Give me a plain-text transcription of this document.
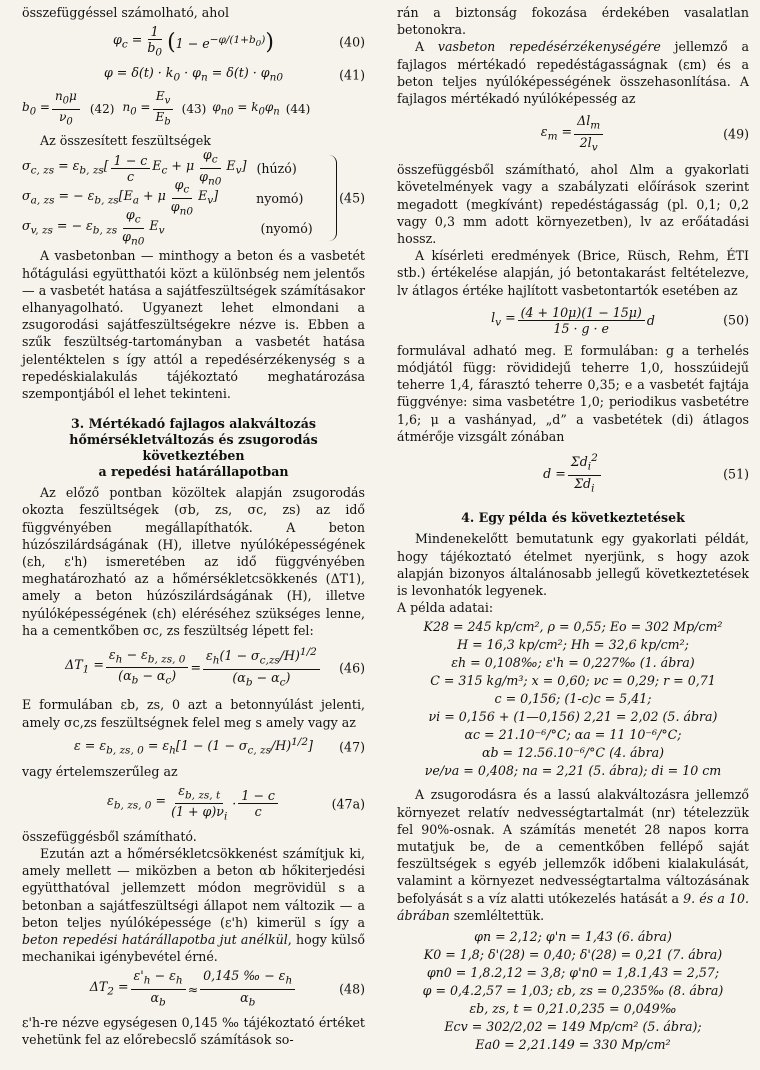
összefüggéssel számolható, ahol

$\varphi_c = \frac{1}{b_0}$ ( $1 - e^{-\varphi/(1+b_0)}$ )	(40)
$\varphi = \delta(t) \cdot k_0 \cdot \varphi_n = \delta(t) \cdot \varphi_{n0}$	(41)
$b_0 = \frac{n_0\mu}{\nu_0} (42) n_0 = \frac{E_v}{E_b} (43) \varphi_{n0} = k_0\varphi_n$ (44)

Az összesített feszültségek

$\sigma_{c, zs} = \varepsilon_{b, zs}[ \frac{1 - c}{c} E_c + \mu \frac{\varphi_c}{\varphi_{n0}} E_v]$ (húzó)
$\sigma_{a, zs}$ = − $\varepsilon_{b, zs}[E_a + \mu \frac{\varphi_c}{\varphi_{n0}} E_v]$	nyomó)
$\sigma_{v, zs}$ = − $\varepsilon_{b, zs} \frac{\varphi_c}{\varphi_{n0}} E_v$	(nyomó)
(45)

A vasbetonban — minthogy a beton és a vasbetét hőtágulási együtthatói közt a különbség nem jelentős — a vasbetét hatása a sajátfeszültségek számításakor elhanyagolható. Ugyanezt lehet elmondani a zsugorodási sajátfeszültségekre nézve is. Ebben a szűk feszültség-tartományban a vasbetét hatása jelentéktelen s így attól a repedésérzékenység s a repedéskialakulás tájékoztató meghatározása szempontjából el lehet tekinteni.

3. Mértékadó fajlagos alakváltozás
hőmérsékletváltozás és zsugorodás következtében
a repedési határállapotban

Az előző pontban közöltek alapján zsugorodás okozta feszültségek (σb, zs, σc, zs) az idő függvényében megállapíthatók. A beton húzószilárdságának (H), illetve nyúlóképességének (εh, ε'h) ismeretében az idő függvényében meghatározható az a hőmérsékletcsökkenés (ΔT1), amely a beton húzószilárdságának (H), illetve nyúlóképességének (εh) eléréséhez szükséges lenne, ha a cementkőben σc, zs feszültség lépett fel:

$\Delta T_1 = \frac{\varepsilon_h - \varepsilon_{b, zs, 0}}{(\alpha_b - \alpha_c)} = \frac{\varepsilon_h(1 - \sigma_{c,zs}/H)^{1/2}}{(\alpha_b - \alpha_c)} (46)$

E formulában εb, zs, 0 azt a betonnyúlást jelenti, amely σc,zs feszültségnek felel meg s amely vagy az

$\varepsilon = \varepsilon_{b, zs, 0} = \varepsilon_h[1 - (1 - \sigma_{c, zs}/H)^{1/2}]$ (47)

vagy értelemszerűleg az

$\varepsilon_{b, zs, 0} = \frac{\varepsilon_{b, zs, t}}{(1 + \varphi)\nu_i} \cdot \frac{1 - c}{c}$	(47a)

összefüggésből számítható.

Ezután azt a hőmérsékletcsökkenést számítjuk ki, amely mellett — miközben a beton αb hőkiterjedési együtthatóval jellemzett módon megrövidül s a betonban a sajátfeszültségi állapot nem változik — a beton teljes nyúlóképessége (ε'h) kimerül s így a beton repedési határállapotba jut anélkül, hogy külső mechanikai igénybevétel érné.

$\Delta T_2 = \frac{\varepsilon'_h - \varepsilon_h}{\alpha_b} \approx \frac{0,145 ‰ - \varepsilon_h}{\alpha_b}$	(48)

ε'h-re nézve egységesen 0,145 ‰ tájékoztató értéket vehetünk fel az előrebecslő számítások so-

rán a biztonság fokozása érdekében vasalatlan betonokra.

A vasbeton repedésérzékenységére jellemző a fajlagos mértékadó repedéstágasságnak (εm) és a beton teljes nyúlóképességének összehasonlítása. A fajlagos mértékadó nyúlóképesség az

$\varepsilon_m = \frac{\Delta l_m}{2l_v}$	(49)

összefüggésből számítható, ahol Δlm a gyakorlati követelmények vagy a szabályzati előírások szerint megadott (megkívánt) repedéstágasság (pl. 0,1; 0,2 vagy 0,3 mm adott környezetben), lv az erőátadási hossz.

A kísérleti eredmények (Brice, Rüsch, Rehm, ÉTI stb.) értékelése alapján, jó betontakarást feltételezve, lv átlagos értéke hajlított vasbetontartók esetében az

$l_v = \frac{(4 + 10\mu)(1 - 15\mu)}{15 \cdot g \cdot e}$ d	(50)

formulával adható meg. E formulában: g a terhelés módjától függ: rövididejű teherre 1,0, hosszúidejű teherre 1,4, fárasztó teherre 0,35; e a vasbetét fajtája függvénye: sima vasbetétre 1,0; periodikus vasbetétre 1,6; μ a vashányad, „d” a vasbetétek (di) átlagos átmérője vizsgált zónában

$d = \frac{\Sigma d_i^2}{\Sigma d_i}$	(51)
4. Egy példa és következtetések

Mindenekelőtt bemutatunk egy gyakorlati példát, hogy tájékoztató ételmet nyerjünk, s hogy azok alapján bizonyos általánosabb jellegű következtetések is levonhatók legyenek.

A példa adatai:

K28 = 245 kp/cm², ρ = 0,55; Eo = 302 Mp/cm²
H = 16,3 kp/cm²; Hh = 32,6 kp/cm²;
εh = 0,108‰; ε'h = 0,227‰ (1. ábra)
C = 315 kg/m³; x = 0,60; νc = 0,29; r = 0,71
c = 0,156; (1-c)c = 5,41;
νi = 0,156 + (1—0,156) 2,21 = 2,02 (5. ábra)
αc = 21.10⁻⁶/°C; αa = 11 10⁻⁶/°C;
αb = 12.56.10⁻⁶/°C (4. ábra)
νe/νa = 0,408; na = 2,21 (5. ábra); di = 10 cm

A zsugorodásra és a lassú alakváltozásra jellemző környezet relatív nedvességtartalmát (nr) tételezzük fel 90%-osnak. A számítás menetét 28 napos korra mutatjuk be, de a cementkőben fellépő saját feszültségek s egyéb jellemzők időbeni kialakulását, valamint a környezet nedvességtartalma változásának befolyását s a víz alatti utókezelés hatását a 9. és a 10. ábrában szemléltettük.

φn = 2,12; φ'n = 1,43 (6. ábra)
K0 = 1,8; δ'(28) = 0,40; δ'(28) = 0,21 (7. ábra)
φn0 = 1,8.2,12 = 3,8; φ'n0 = 1,8.1,43 = 2,57;
φ = 0,4.2,57 = 1,03; εb, zs = 0,235‰ (8. ábra)
εb, zs, t = 0,21.0,235 = 0,049‰
Ecv = 302/2,02 = 149 Mp/cm² (5. ábra);
Ea0 = 2,21.149 = 330 Mp/cm²
